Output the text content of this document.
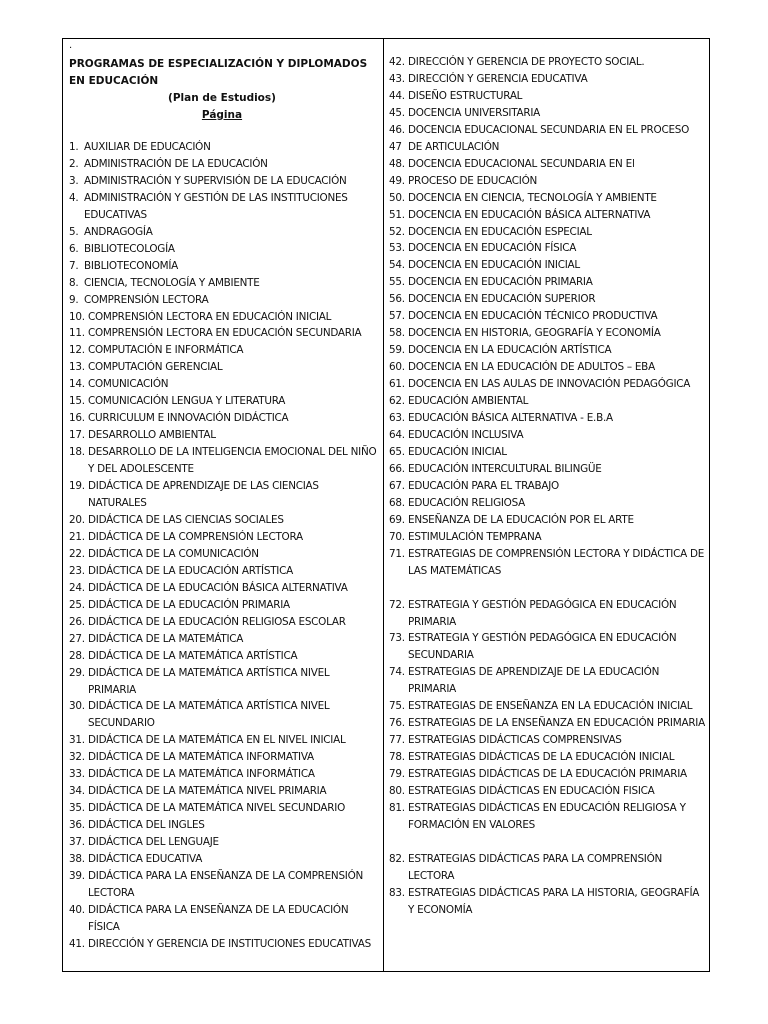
.
PROGRAMAS DE ESPECIALIZACIÓN Y DIPLOMADOS
EN EDUCACIÓN
(Plan de Estudios)
Página
1. AUXILIAR DE EDUCACIÓN
2. ADMINISTRACIÓN DE LA EDUCACIÓN
3. ADMINISTRACIÓN Y SUPERVISIÓN DE LA EDUCACIÓN
4. ADMINISTRACIÓN Y GESTIÓN DE LAS INSTITUCIONES EDUCATIVAS
5. ANDRAGOGÍA
6. BIBLIOTECOLOGÍA
7. BIBLIOTECONOMÍA
8. CIENCIA, TECNOLOGÍA Y AMBIENTE
9. COMPRENSIÓN LECTORA
10. COMPRENSIÓN LECTORA EN EDUCACIÓN INICIAL
11. COMPRENSIÓN LECTORA EN EDUCACIÓN SECUNDARIA
12. COMPUTACIÓN E INFORMÁTICA
13. COMPUTACIÓN GERENCIAL
14. COMUNICACIÓN
15. COMUNICACIÓN LENGUA Y LITERATURA
16. CURRICULUM E INNOVACIÓN DIDÁCTICA
17. DESARROLLO AMBIENTAL
18. DESARROLLO DE LA INTELIGENCIA EMOCIONAL DEL NIÑO Y DEL ADOLESCENTE
19. DIDÁCTICA DE APRENDIZAJE DE LAS CIENCIAS NATURALES
20. DIDÁCTICA DE LAS CIENCIAS SOCIALES
21. DIDÁCTICA DE LA COMPRENSIÓN LECTORA
22. DIDÁCTICA DE LA COMUNICACIÓN
23. DIDÁCTICA DE LA EDUCACIÓN ARTÍSTICA
24. DIDÁCTICA DE LA EDUCACIÓN BÁSICA ALTERNATIVA
25. DIDÁCTICA DE LA EDUCACIÓN PRIMARIA
26. DIDÁCTICA DE LA EDUCACIÓN RELIGIOSA ESCOLAR
27. DIDÁCTICA DE LA MATEMÁTICA
28. DIDÁCTICA DE LA MATEMÁTICA ARTÍSTICA
29. DIDÁCTICA DE LA MATEMÁTICA ARTÍSTICA NIVEL PRIMARIA
30. DIDÁCTICA DE LA MATEMÁTICA ARTÍSTICA NIVEL SECUNDARIO
31. DIDÁCTICA DE LA MATEMÁTICA EN EL NIVEL INICIAL
32. DIDÁCTICA DE LA MATEMÁTICA INFORMATIVA
33. DIDÁCTICA DE LA MATEMÁTICA INFORMÁTICA
34. DIDÁCTICA DE LA MATEMÁTICA NIVEL PRIMARIA
35. DIDÁCTICA DE LA MATEMÁTICA NIVEL SECUNDARIO
36. DIDÁCTICA DEL INGLES
37. DIDÁCTICA DEL LENGUAJE
38. DIDÁCTICA EDUCATIVA
39. DIDÁCTICA PARA LA ENSEÑANZA DE LA COMPRENSIÓN LECTORA
40. DIDÁCTICA PARA LA ENSEÑANZA DE LA EDUCACIÓN FÍSICA
41. DIRECCIÓN Y GERENCIA DE INSTITUCIONES EDUCATIVAS
42. DIRECCIÓN Y GERENCIA DE PROYECTO SOCIAL.
43. DIRECCIÓN Y GERENCIA EDUCATIVA
44. DISEÑO ESTRUCTURAL
45. DOCENCIA UNIVERSITARIA
46. DOCENCIA EDUCACIONAL SECUNDARIA EN EL PROCESO
47 DE ARTICULACIÓN
48. DOCENCIA EDUCACIONAL SECUNDARIA EN El
49. PROCESO DE EDUCACIÓN
50. DOCENCIA EN CIENCIA, TECNOLOGÍA Y AMBIENTE
51. DOCENCIA EN EDUCACIÓN BÁSICA ALTERNATIVA
52. DOCENCIA EN EDUCACIÓN ESPECIAL
53. DOCENCIA EN EDUCACIÓN FÍSICA
54. DOCENCIA EN EDUCACIÓN INICIAL
55. DOCENCIA EN EDUCACIÓN PRIMARIA
56. DOCENCIA EN EDUCACIÓN SUPERIOR
57. DOCENCIA EN EDUCACIÓN TÉCNICO PRODUCTIVA
58. DOCENCIA EN HISTORIA, GEOGRAFÍA Y ECONOMÍA
59. DOCENCIA EN LA EDUCACIÓN ARTÍSTICA
60. DOCENCIA EN LA EDUCACIÓN DE ADULTOS – EBA
61. DOCENCIA EN LAS AULAS DE INNOVACIÓN PEDAGÓGICA
62. EDUCACIÓN AMBIENTAL
63. EDUCACIÓN BÁSICA ALTERNATIVA - E.B.A
64. EDUCACIÓN INCLUSIVA
65. EDUCACIÓN INICIAL
66. EDUCACIÓN INTERCULTURAL BILINGÜE
67. EDUCACIÓN PARA EL TRABAJO
68. EDUCACIÓN RELIGIOSA
69. ENSEÑANZA DE LA EDUCACIÓN POR EL ARTE
70. ESTIMULACIÓN TEMPRANA
71. ESTRATEGIAS DE COMPRENSIÓN LECTORA Y DIDÁCTICA DE LAS MATEMÁTICAS
72. ESTRATEGIA Y GESTIÓN PEDAGÓGICA EN EDUCACIÓN PRIMARIA
73. ESTRATEGIA Y GESTIÓN PEDAGÓGICA EN EDUCACIÓN SECUNDARIA
74. ESTRATEGIAS DE APRENDIZAJE DE LA EDUCACIÓN PRIMARIA
75. ESTRATEGIAS DE ENSEÑANZA EN LA EDUCACIÓN INICIAL
76. ESTRATEGIAS DE LA ENSEÑANZA EN EDUCACIÓN PRIMARIA
77. ESTRATEGIAS DIDÁCTICAS COMPRENSIVAS
78. ESTRATEGIAS DIDÁCTICAS DE LA EDUCACIÓN INICIAL
79. ESTRATEGIAS DIDÁCTICAS DE LA EDUCACIÓN PRIMARIA
80. ESTRATEGIAS DIDÁCTICAS EN EDUCACIÓN FISICA
81. ESTRATEGIAS DIDÁCTICAS EN EDUCACIÓN RELIGIOSA Y FORMACIÓN EN VALORES
82. ESTRATEGIAS DIDÁCTICAS PARA LA COMPRENSIÓN LECTORA
83. ESTRATEGIAS DIDÁCTICAS PARA LA HISTORIA, GEOGRAFÍA Y ECONOMÍA
